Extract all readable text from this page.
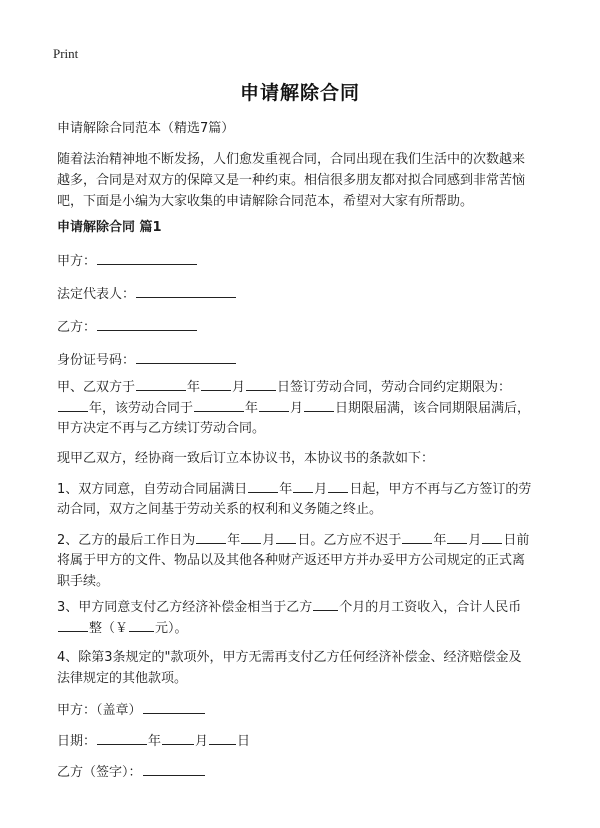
Print
申请解除合同
申请解除合同范本（精选7篇）
随着法治精神地不断发扬，人们愈发重视合同，合同出现在我们生活中的次数越来
越多，合同是对双方的保障又是一种约束。相信很多朋友都对拟合同感到非常苦恼
吧，下面是小编为大家收集的申请解除合同范本，希望对大家有所帮助。
申请解除合同 篇1
甲方：
法定代表人：
乙方：
身份证号码：
甲、乙双方于	年 月 日签订劳动合同，劳动合同约定期限为：
年，该劳动合同于	年 月 日期限届满，该合同期限届满后，
甲方决定不再与乙方续订劳动合同。
现甲乙双方，经协商一致后订立本协议书，本协议书的条款如下：
1、双方同意，自劳动合同届满日 年 月 日起，甲方不再与乙方签订的劳
动合同，双方之间基于劳动关系的权利和义务随之终止。
2、乙方的最后工作日为 年 月 日。乙方应不迟于 年 月 日前
将属于甲方的文件、物品以及其他各种财产返还甲方并办妥甲方公司规定的正式离
职手续。
3、甲方同意支付乙方经济补偿金相当于乙方 个月的月工资收入，合计人民币
整（￥ 元）。
4、除第3条规定的"款项外，甲方无需再支付乙方任何经济补偿金、经济赔偿金及
法律规定的其他款项。
甲方：（盖章）
日期：	年	月 日
乙方（签字）：
